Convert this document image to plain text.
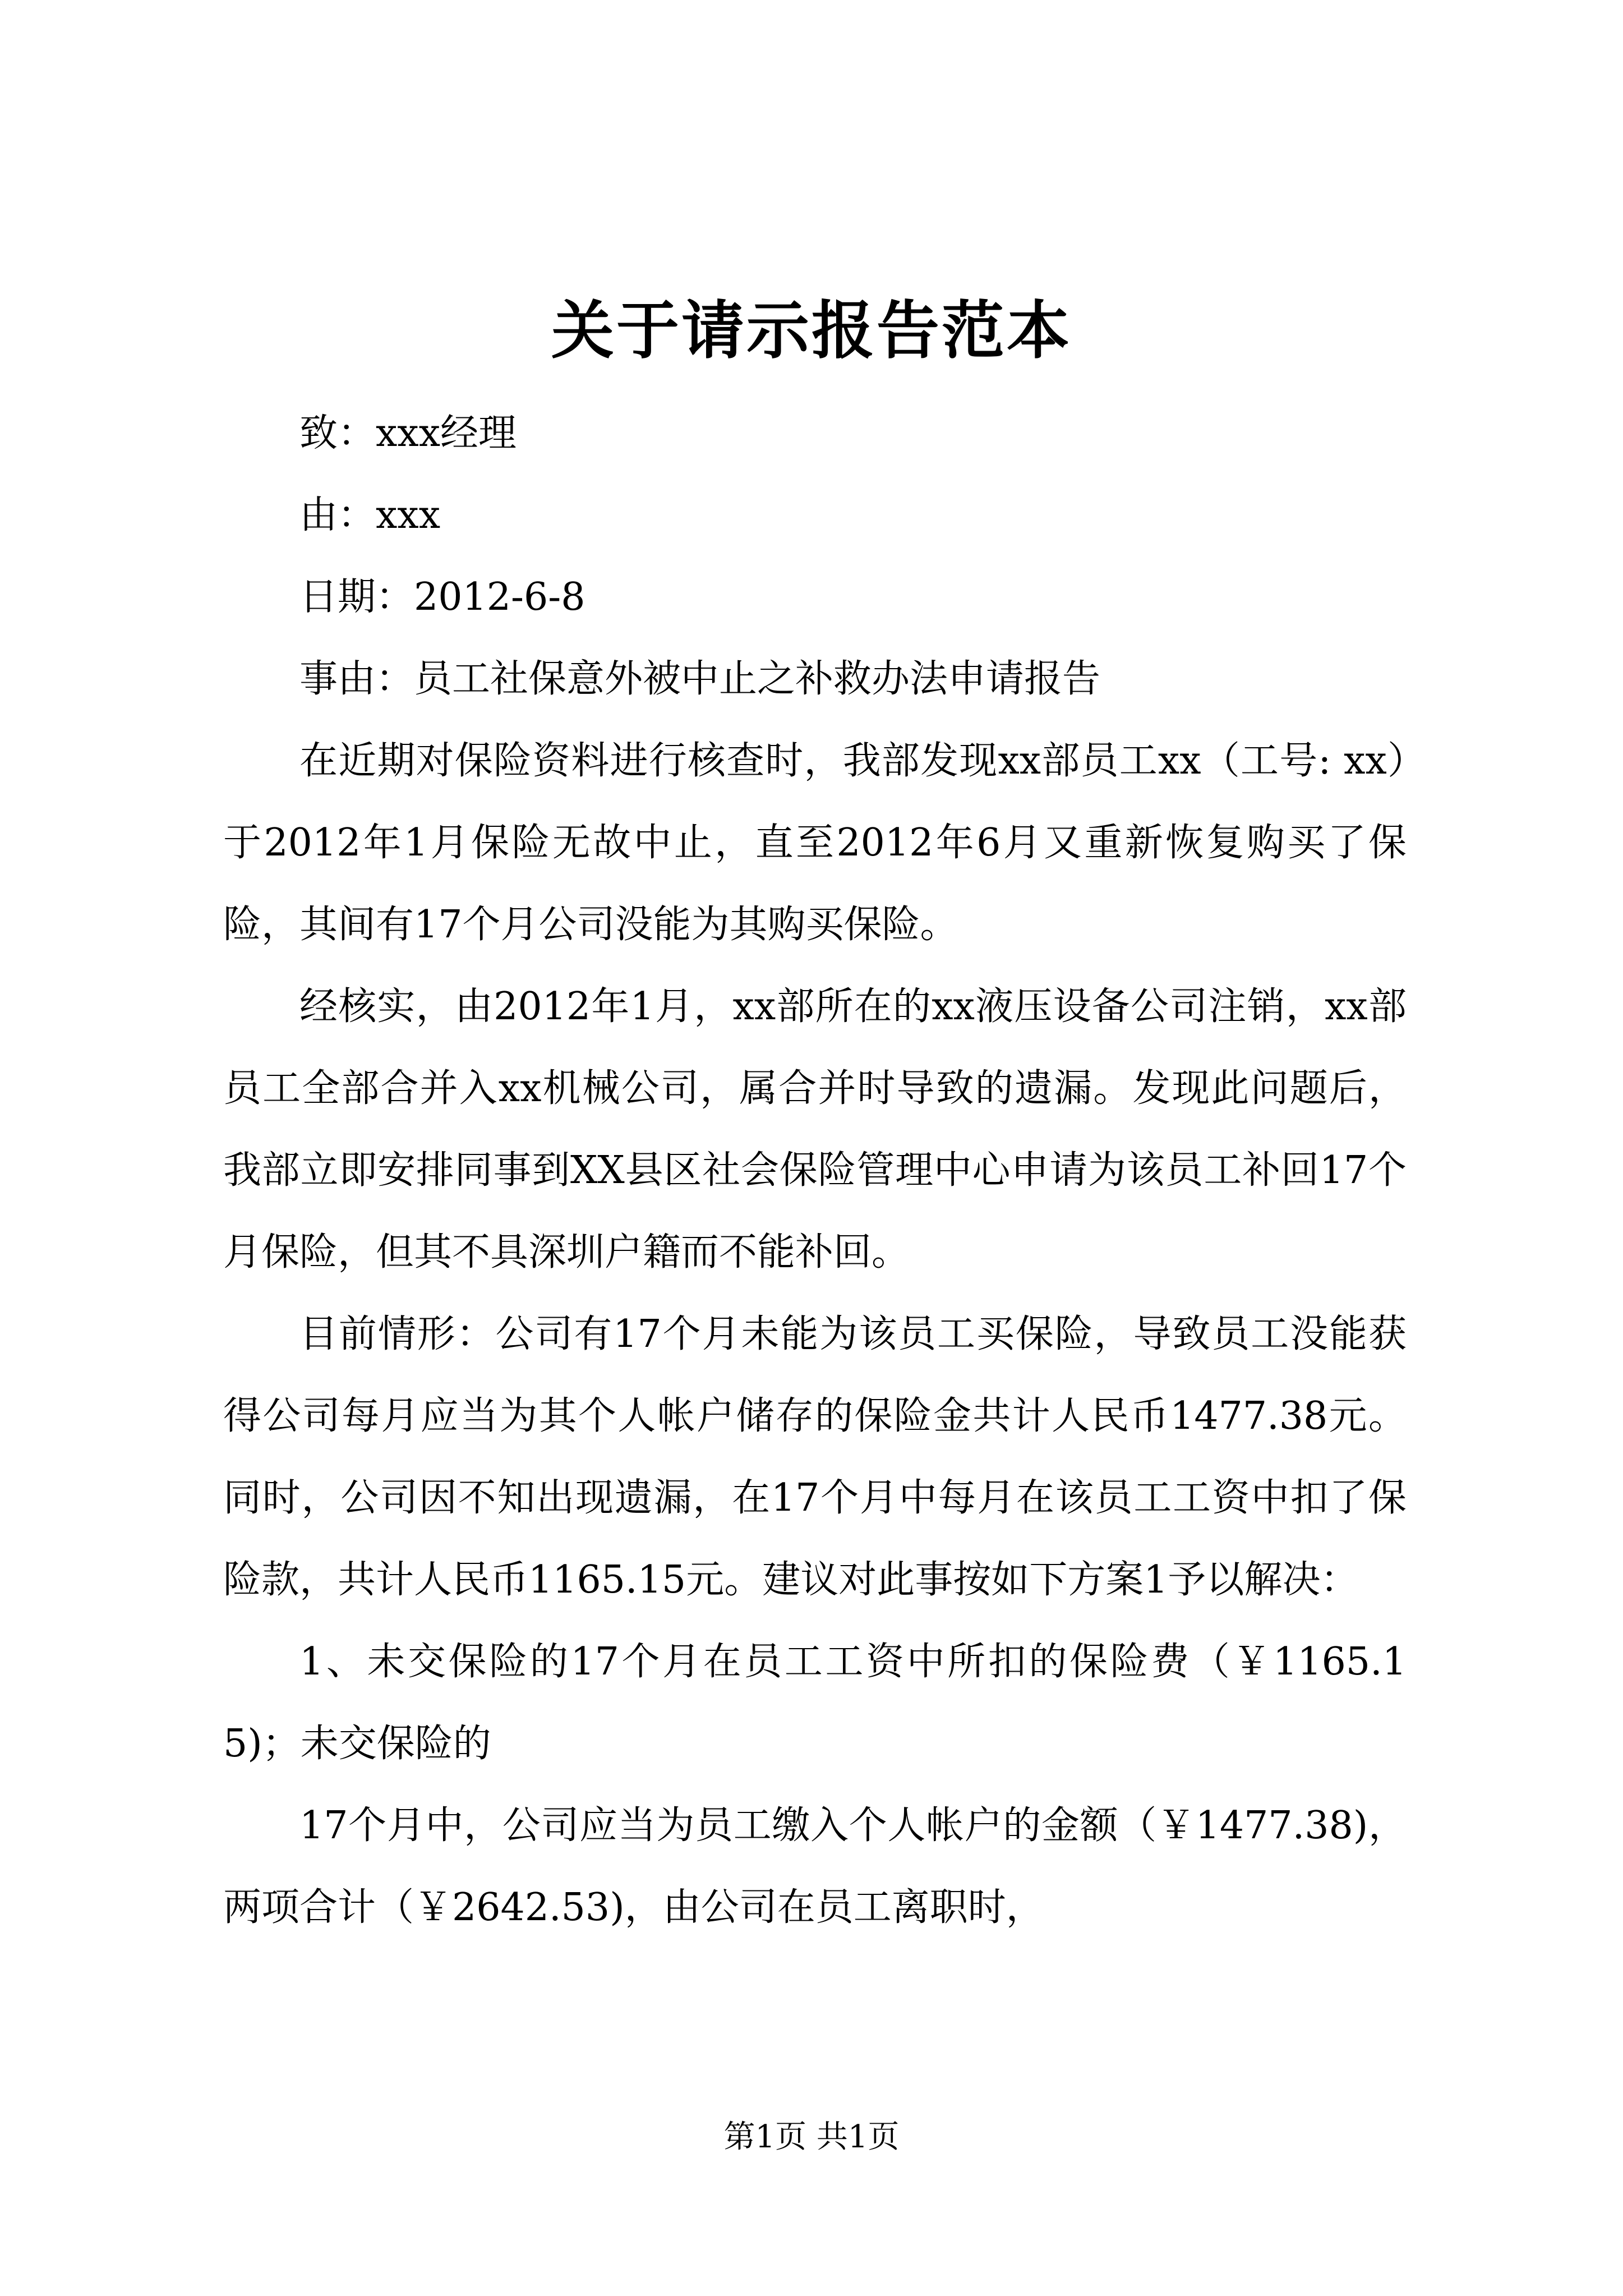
关于请示报告范本

致：xxx经理

由：xxx

日期：2012-6-8

事由：员工社保意外被中止之补救办法申请报告

在近期对保险资料进行核查时，我部发现xx部员工xx（工号: xx）于2012年1月保险无故中止，直至2012年6月又重新恢复购买了保险，其间有17个月公司没能为其购买保险。

经核实，由2012年1月，xx部所在的xx液压设备公司注销，xx部员工全部合并入xx机械公司，属合并时导致的遗漏。发现此问题后，我部立即安排同事到XX县区社会保险管理中心申请为该员工补回17个月保险，但其不具深圳户籍而不能补回。

目前情形：公司有17个月未能为该员工买保险，导致员工没能获得公司每月应当为其个人帐户储存的保险金共计人民币1477.38元。同时，公司因不知出现遗漏，在17个月中每月在该员工工资中扣了保险款，共计人民币1165.15元。建议对此事按如下方案1予以解决：

1、未交保险的17个月在员工工资中所扣的保险费（￥1165.15)；未交保险的

17个月中，公司应当为员工缴入个人帐户的金额（￥1477.38)，两项合计（￥2642.53)，由公司在员工离职时，

第1页 共1页
